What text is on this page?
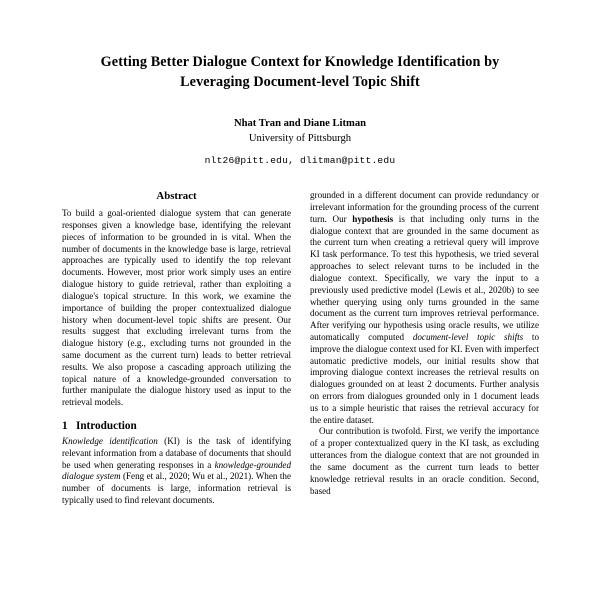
Getting Better Dialogue Context for Knowledge Identification by
Leveraging Document-level Topic Shift
Nhat Tran and Diane Litman
University of Pittsburgh
nlt26@pitt.edu, dlitman@pitt.edu
Abstract

To build a goal-oriented dialogue system that can generate responses given a knowledge base, identifying the relevant pieces of information to be grounded in is vital. When the number of documents in the knowledge base is large, retrieval approaches are typically used to identify the top relevant documents. However, most prior work simply uses an entire dialogue history to guide retrieval, rather than exploiting a dialogue's topical structure. In this work, we examine the importance of building the proper contextualized dialogue history when document-level topic shifts are present. Our results suggest that excluding irrelevant turns from the dialogue history (e.g., excluding turns not grounded in the same document as the current turn) leads to better retrieval results. We also propose a cascading approach utilizing the topical nature of a knowledge-grounded conversation to further manipulate the dialogue history used as input to the retrieval models.

1 Introduction

Knowledge identification (KI) is the task of identifying relevant information from a database of documents that should be used when generating responses in a knowledge-grounded dialogue system (Feng et al., 2020; Wu et al., 2021). When the number of documents is large, information retrieval is typically used to find relevant documents.

grounded in a different document can provide redundancy or irrelevant information for the grounding process of the current turn. Our hypothesis is that including only turns in the dialogue context that are grounded in the same document as the current turn when creating a retrieval query will improve KI task performance. To test this hypothesis, we tried several approaches to select relevant turns to be included in the dialogue context. Specifically, we vary the input to a previously used predictive model (Lewis et al., 2020b) to see whether querying using only turns grounded in the same document as the current turn improves retrieval performance. After verifying our hypothesis using oracle results, we utilize automatically computed document-level topic shifts to improve the dialogue context used for KI. Even with imperfect automatic predictive models, our initial results show that improving dialogue context increases the retrieval results on dialogues grounded on at least 2 documents. Further analysis on errors from dialogues grounded only in 1 document leads us to a simple heuristic that raises the retrieval accuracy for the entire dataset.

Our contribution is twofold. First, we verify the importance of a proper contextualized query in the KI task, as excluding utterances from the dialogue context that are not grounded in the same document as the current turn leads to better knowledge retrieval results in an oracle condition. Second, based
